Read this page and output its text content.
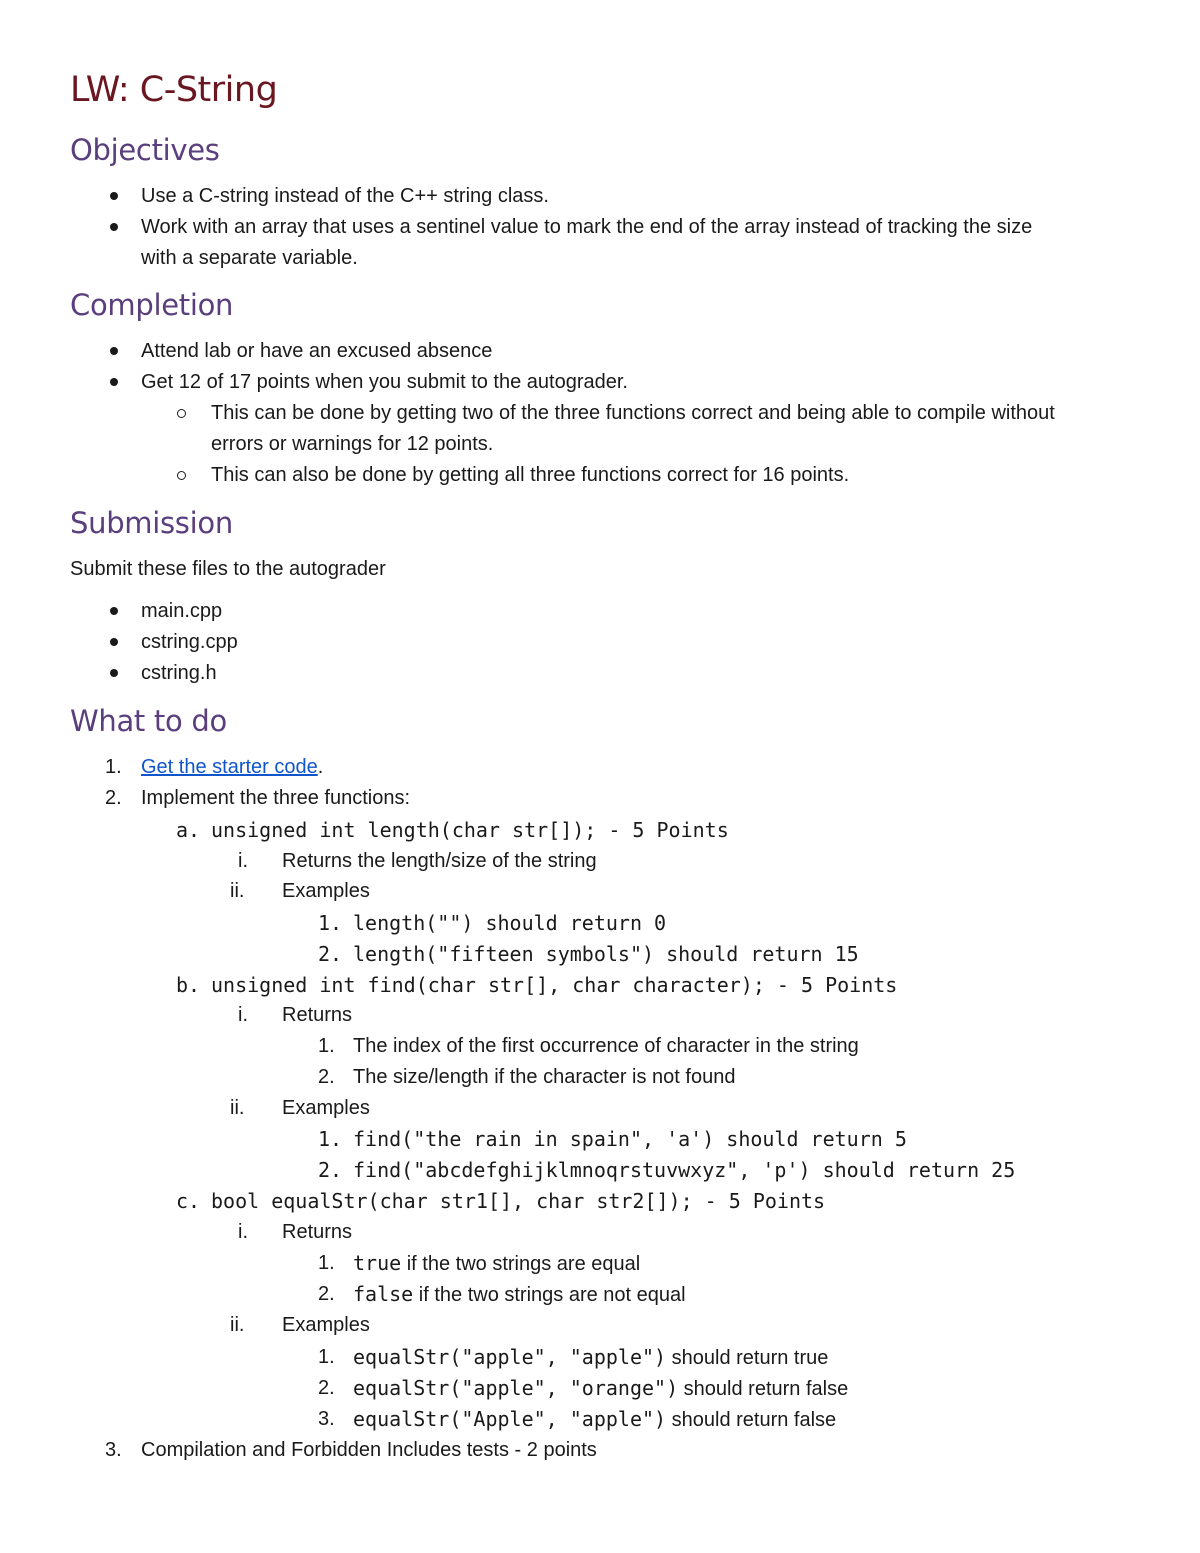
LW: C-String
Objectives
Use a C-string instead of the C++ string class.
Work with an array that uses a sentinel value to mark the end of the array instead of tracking the size
with a separate variable.
Completion
Attend lab or have an excused absence
Get 12 of 17 points when you submit to the autograder.
This can be done by getting two of the three functions correct and being able to compile without
errors or warnings for 12 points.
This can also be done by getting all three functions correct for 16 points.
Submission
Submit these files to the autograder
main.cpp
cstring.cpp
cstring.h
What to do
1. Get the starter code.
2. Implement the three functions:
a. unsigned int length(char str[]); - 5 Points
i. Returns the length/size of the string
ii. Examples
1. length("") should return 0
2. length("fifteen symbols") should return 15
b. unsigned int find(char str[], char character); - 5 Points
i. Returns
1. The index of the first occurrence of character in the string
2. The size/length if the character is not found
ii. Examples
1. find("the rain in spain", 'a') should return 5
2. find("abcdefghijklmnoqrstuvwxyz", 'p') should return 25
c. bool equalStr(char str1[], char str2[]); - 5 Points
i. Returns
1. true if the two strings are equal
2. false if the two strings are not equal
ii. Examples
1. equalStr("apple", "apple") should return true
2. equalStr("apple", "orange") should return false
3. equalStr("Apple", "apple") should return false
3. Compilation and Forbidden Includes tests - 2 points
